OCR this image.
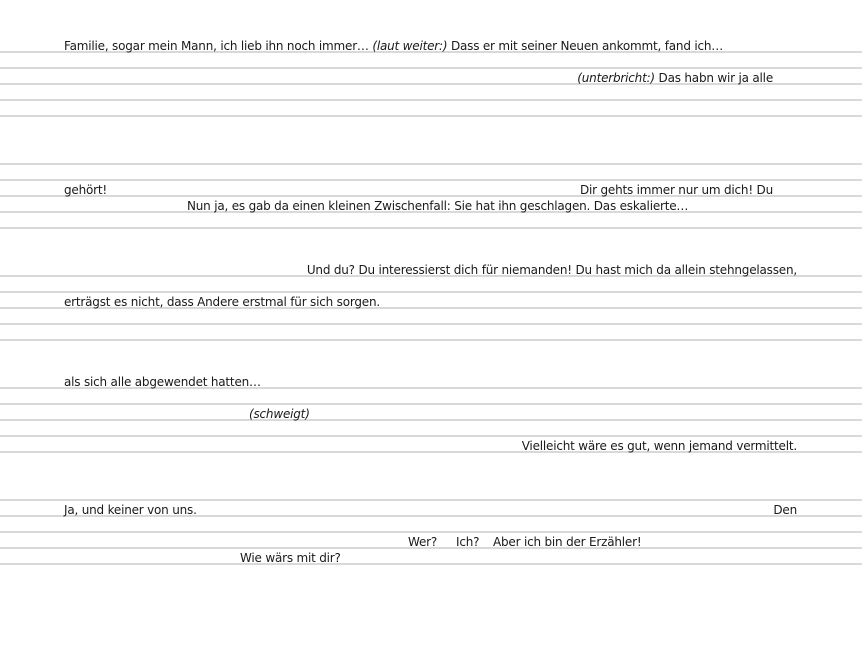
Familie, sogar mein Mann, ich lieb ihn noch immer… (laut weiter:) Dass er mit seiner Neuen ankommt, fand ich…
(unterbricht:) Das habn wir ja alle
gehört!	Dir gehts immer nur um dich! Du
Nun ja, es gab da einen kleinen Zwischenfall: Sie hat ihn geschlagen. Das eskalierte…
Und du? Du interessierst dich für niemanden! Du hast mich da allein stehngelassen,
erträgst es nicht, dass Andere erstmal für sich sorgen.
als sich alle abgewendet hatten…
(schweigt)
Vielleicht wäre es gut, wenn jemand vermittelt.
Ja, und keiner von uns.	Den
Wer? Ich? Aber ich bin der Erzähler!
Wie wärs mit dir?
